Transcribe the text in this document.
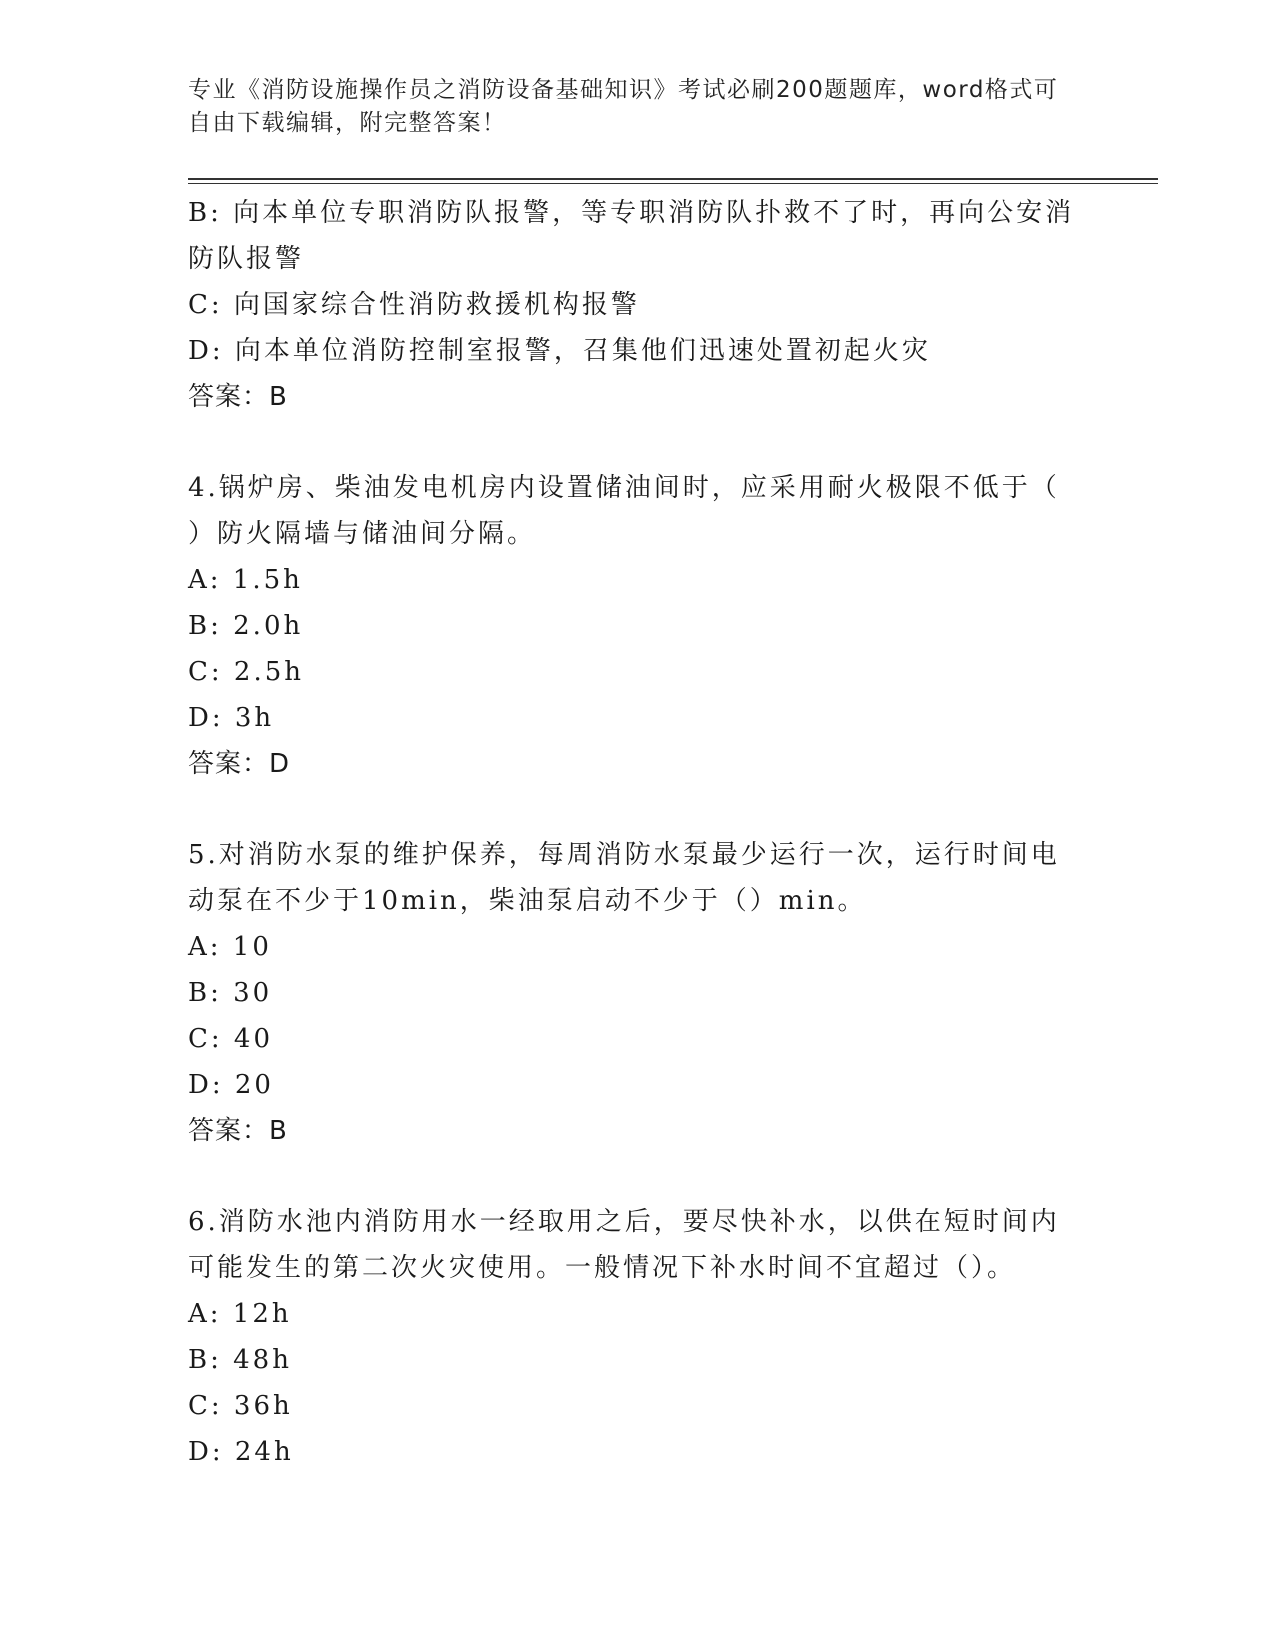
专业《消防设施操作员之消防设备基础知识》考试必刷200题题库，word格式可
自由下载编辑，附完整答案！
B: 向本单位专职消防队报警，等专职消防队扑救不了时，再向公安消
防队报警
C: 向国家综合性消防救援机构报警
D: 向本单位消防控制室报警，召集他们迅速处置初起火灾
答案：B
4.锅炉房、柴油发电机房内设置储油间时，应采用耐火极限不低于（
）防火隔墙与储油间分隔。
A: 1.5h
B: 2.0h
C: 2.5h
D: 3h
答案：D
5.对消防水泵的维护保养，每周消防水泵最少运行一次，运行时间电
动泵在不少于10min，柴油泵启动不少于（）min。
A: 10
B: 30
C: 40
D: 20
答案：B
6.消防水池内消防用水一经取用之后，要尽快补水，以供在短时间内
可能发生的第二次火灾使用。一般情况下补水时间不宜超过（）。
A: 12h
B: 48h
C: 36h
D: 24h
